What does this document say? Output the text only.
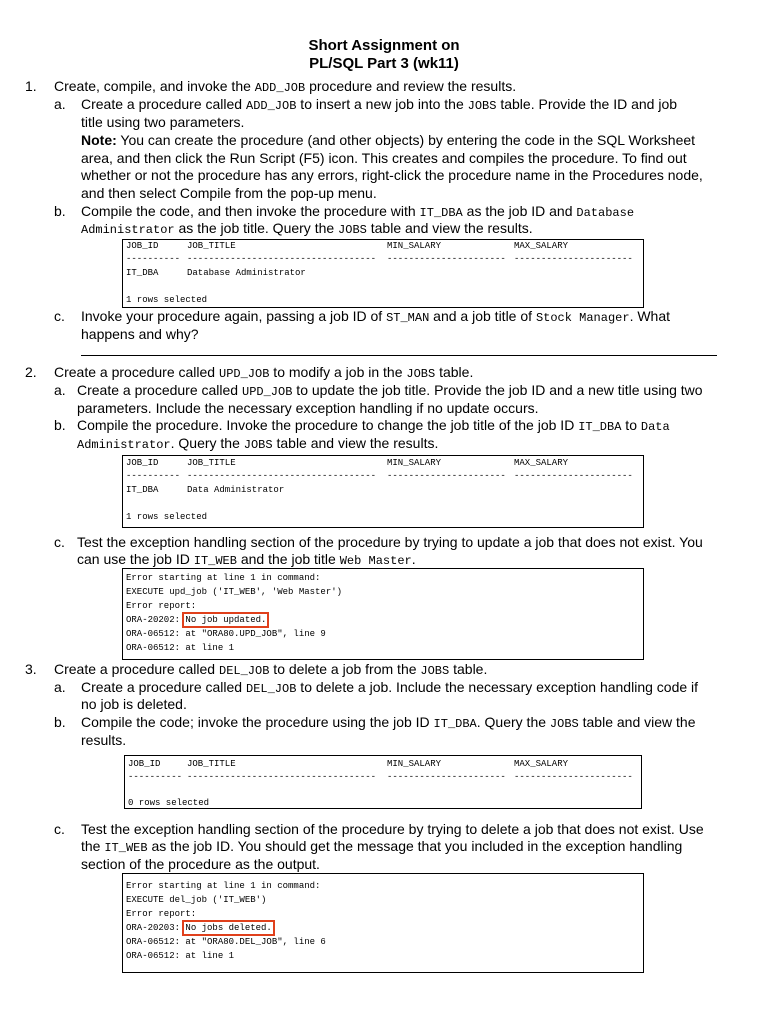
Short Assignment on
PL/SQL Part 3 (wk11)
1. Create, compile, and invoke the ADD_JOB procedure and review the results.
a. Create a procedure called ADD_JOB to insert a new job into the JOBS table. Provide the ID and job
title using two parameters.
Note: You can create the procedure (and other objects) by entering the code in the SQL Worksheet
area, and then click the Run Script (F5) icon. This creates and compiles the procedure. To find out
whether or not the procedure has any errors, right-click the procedure name in the Procedures node,
and then select Compile from the pop-up menu.
b. Compile the code, and then invoke the procedure with IT_DBA as the job ID and Database
Administrator as the job title. Query the JOBS table and view the results.
JOB_ID	JOB_TITLE	MIN_SALARY	MAX_SALARY
---------- ----------------------------------- ---------------------- ----------------------
IT_DBA	Database Administrator
1 rows selected
c. Invoke your procedure again, passing a job ID of ST_MAN and a job title of Stock Manager. What
happens and why?
2. Create a procedure called UPD_JOB to modify a job in the JOBS table.
a. Create a procedure called UPD_JOB to update the job title. Provide the job ID and a new title using two
parameters. Include the necessary exception handling if no update occurs.
b. Compile the procedure. Invoke the procedure to change the job title of the job ID IT_DBA to Data
Administrator. Query the JOBS table and view the results.
JOB_ID	JOB_TITLE	MIN_SALARY	MAX_SALARY
---------- ----------------------------------- ---------------------- ----------------------
IT_DBA	Data Administrator
1 rows selected
c. Test the exception handling section of the procedure by trying to update a job that does not exist. You
can use the job ID IT_WEB and the job title Web Master.
Error starting at line 1 in command:
EXECUTE upd_job ('IT_WEB', 'Web Master')
Error report:
ORA-20202: No job updated.
ORA-06512: at "ORA80.UPD_JOB", line 9
ORA-06512: at line 1
3. Create a procedure called DEL_JOB to delete a job from the JOBS table.
a. Create a procedure called DEL_JOB to delete a job. Include the necessary exception handling code if
no job is deleted.
b. Compile the code; invoke the procedure using the job ID IT_DBA. Query the JOBS table and view the
results.
JOB_ID	JOB_TITLE	MIN_SALARY	MAX_SALARY
---------- ----------------------------------- ---------------------- ----------------------
0 rows selected
c. Test the exception handling section of the procedure by trying to delete a job that does not exist. Use
the IT_WEB as the job ID. You should get the message that you included in the exception handling
section of the procedure as the output.
Error starting at line 1 in command:
EXECUTE del_job ('IT_WEB')
Error report:
ORA-20203: No jobs deleted.
ORA-06512: at "ORA80.DEL_JOB", line 6
ORA-06512: at line 1
